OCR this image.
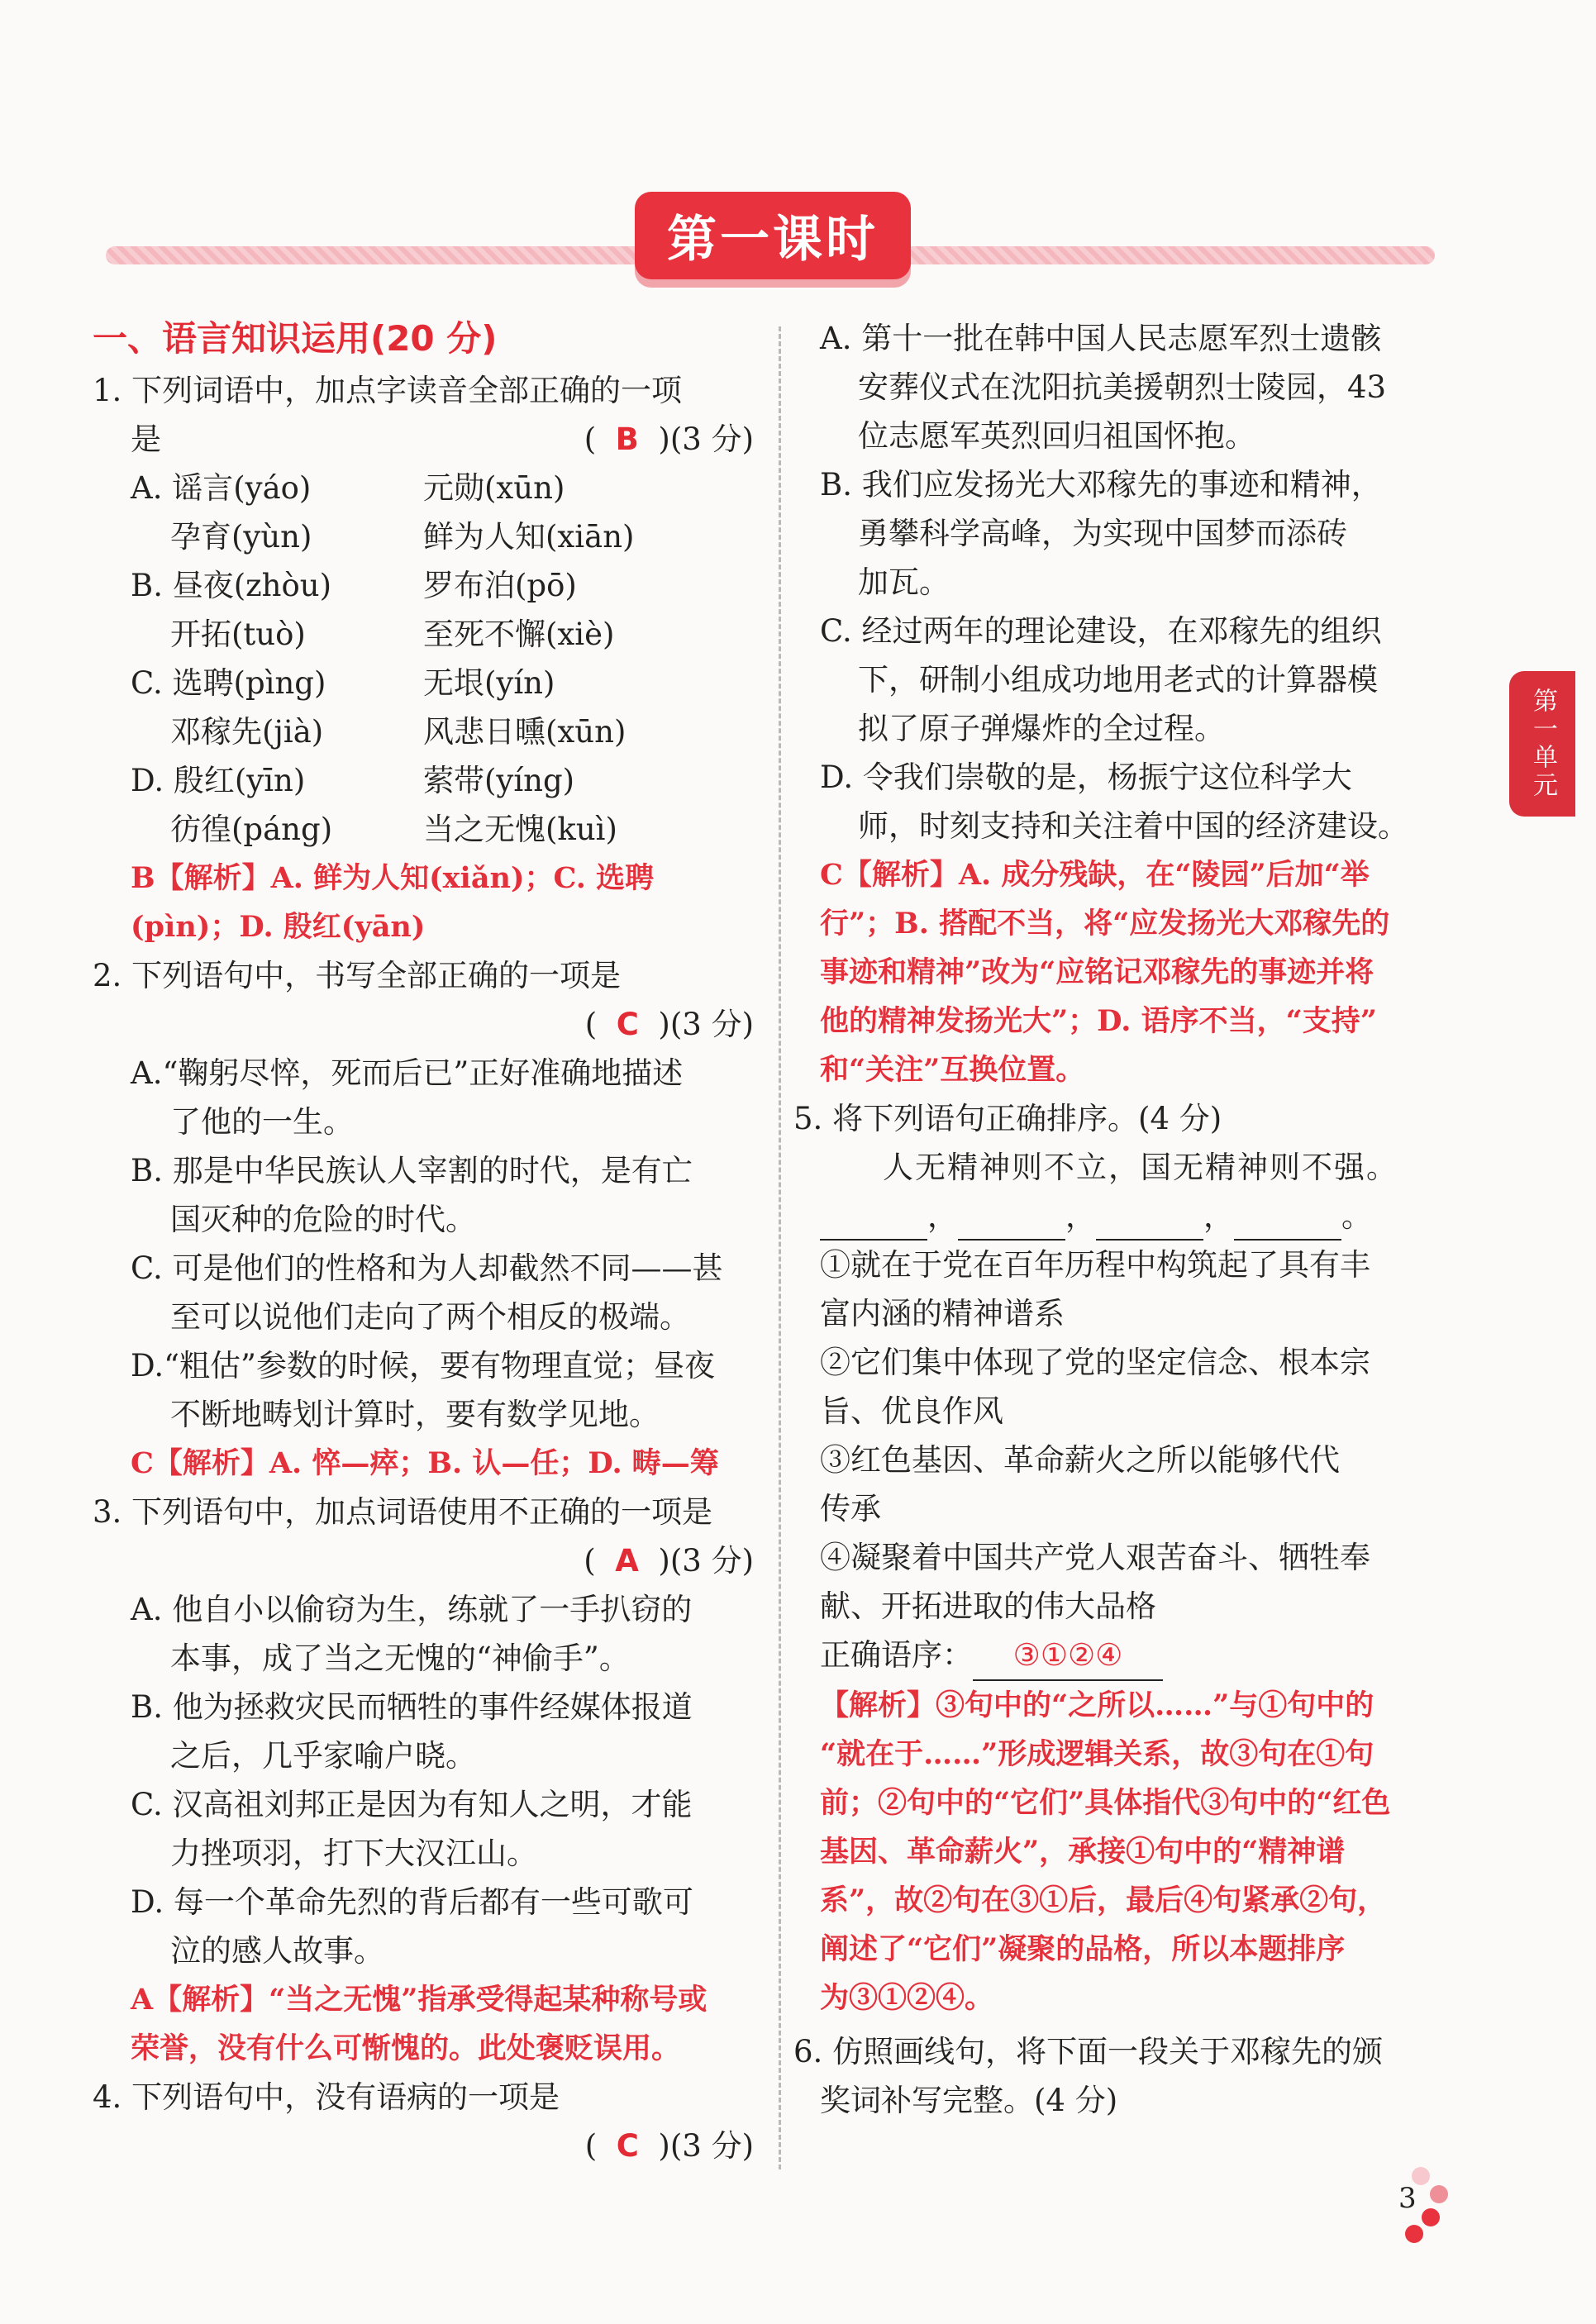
第一课时
第一单元
一、语言知识运用(20 分)
1. 下列词语中，加点字读音全部正确的一项
是	(  B  )(3 分)
A. 谣言(yáo)	元勋(xūn)
孕育(yùn)	鲜为人知(xiān)
B. 昼夜(zhòu)	罗布泊(pō)
开拓(tuò)	至死不懈(xiè)
C. 选聘(pìng)	无垠(yín)
邓稼先(jià)	风悲日曛(xūn)
D. 殷红(yīn)	萦带(yíng)
彷徨(páng)	当之无愧(kuì)
B【解析】A. 鲜为人知(xiǎn)；C. 选聘
(pìn)；D. 殷红(yān)
2. 下列语句中，书写全部正确的一项是
(  C  )(3 分)
A.“鞠躬尽悴，死而后已”正好准确地描述
了他的一生。
B. 那是中华民族认人宰割的时代，是有亡
国灭种的危险的时代。
C. 可是他们的性格和为人却截然不同——甚
至可以说他们走向了两个相反的极端。
D.“粗估”参数的时候，要有物理直觉；昼夜
不断地畴划计算时，要有数学见地。
C【解析】A. 悴—瘁；B. 认—任；D. 畴—筹
3. 下列语句中，加点词语使用不正确的一项是
(  A  )(3 分)
A. 他自小以偷窃为生，练就了一手扒窃的
本事，成了当之无愧的“神偷手”。
B. 他为拯救灾民而牺牲的事件经媒体报道
之后，几乎家喻户晓。
C. 汉高祖刘邦正是因为有知人之明，才能
力挫项羽，打下大汉江山。
D. 每一个革命先烈的背后都有一些可歌可
泣的感人故事。
A【解析】“当之无愧”指承受得起某种称号或
荣誉，没有什么可惭愧的。此处褒贬误用。
4. 下列语句中，没有语病的一项是
(  C  )(3 分)
A. 第十一批在韩中国人民志愿军烈士遗骸
安葬仪式在沈阳抗美援朝烈士陵园，43
位志愿军英烈回归祖国怀抱。
B. 我们应发扬光大邓稼先的事迹和精神，
勇攀科学高峰，为实现中国梦而添砖
加瓦。
C. 经过两年的理论建设，在邓稼先的组织
下，研制小组成功地用老式的计算器模
拟了原子弹爆炸的全过程。
D. 令我们崇敬的是，杨振宁这位科学大
师，时刻支持和关注着中国的经济建设。
C【解析】A. 成分残缺，在“陵园”后加“举
行”；B. 搭配不当，将“应发扬光大邓稼先的
事迹和精神”改为“应铭记邓稼先的事迹并将
他的精神发扬光大”；D. 语序不当，“支持”
和“关注”互换位置。
5. 将下列语句正确排序。(4 分)
人无精神则不立，国无精神则不强。
，	，	，	。
①就在于党在百年历程中构筑起了具有丰
富内涵的精神谱系
②它们集中体现了党的坚定信念、根本宗
旨、优良作风
③红色基因、革命薪火之所以能够代代
传承
④凝聚着中国共产党人艰苦奋斗、牺牲奉
献、开拓进取的伟大品格
正确语序： ③①②④
【解析】③句中的“之所以……”与①句中的
“就在于……”形成逻辑关系，故③句在①句
前；②句中的“它们”具体指代③句中的“红色
基因、革命薪火”，承接①句中的“精神谱
系”，故②句在③①后，最后④句紧承②句，
阐述了“它们”凝聚的品格，所以本题排序
为③①②④。
6. 仿照画线句，将下面一段关于邓稼先的颁
奖词补写完整。(4 分)
3
